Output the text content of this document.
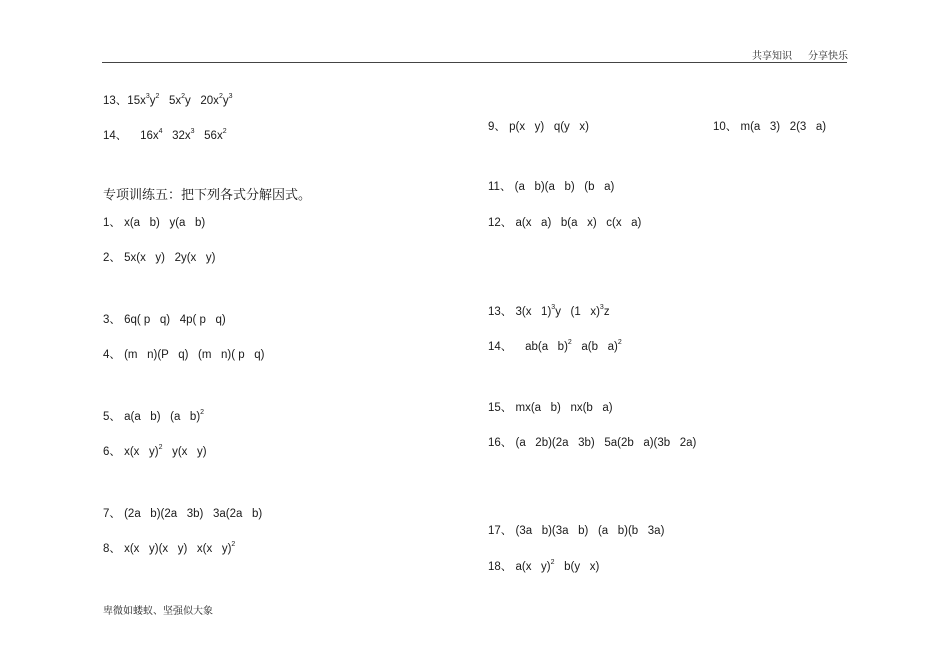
共享知识 分享快乐
专项训练五：把下列各式分解因式。
13、$15x^3y^2$   $5x^2y$   $20x^2y^3$
14、    $16x^4$   $32x^3$   $56x^2$
1、 x(a   b)   y(a   b)
2、 5x(x   y)   2y(x   y)
3、 6q( p   q)   4p( p   q)
4、 (m   n)(P   q)   (m   n)( p   q)
5、 a(a   b)   (a   b)$^2$
6、 x(x   y)$^2$   y(x   y)
7、 (2a   b)(2a   3b)   3a(2a   b)
8、 x(x   y)(x   y)   x(x   y)$^2$
9、 p(x   y)   q(y   x)	10、 m(a   3)   2(3   a)
11、 (a   b)(a   b)   (b   a)
12、 a(x   a)   b(a   x)   c(x   a)
13、 3(x   1)$^3$y   (1   x)$^3$z
14、    ab(a   b)$^2$   a(b   a)$^2$
15、 mx(a   b)   nx(b   a)
16、 (a   2b)(2a   3b)   5a(2b   a)(3b   2a)
17、 (3a   b)(3a   b)   (a   b)(b   3a)
18、 a(x   y)$^2$   b(y   x)
卑微如蝼蚁、坚强似大象
